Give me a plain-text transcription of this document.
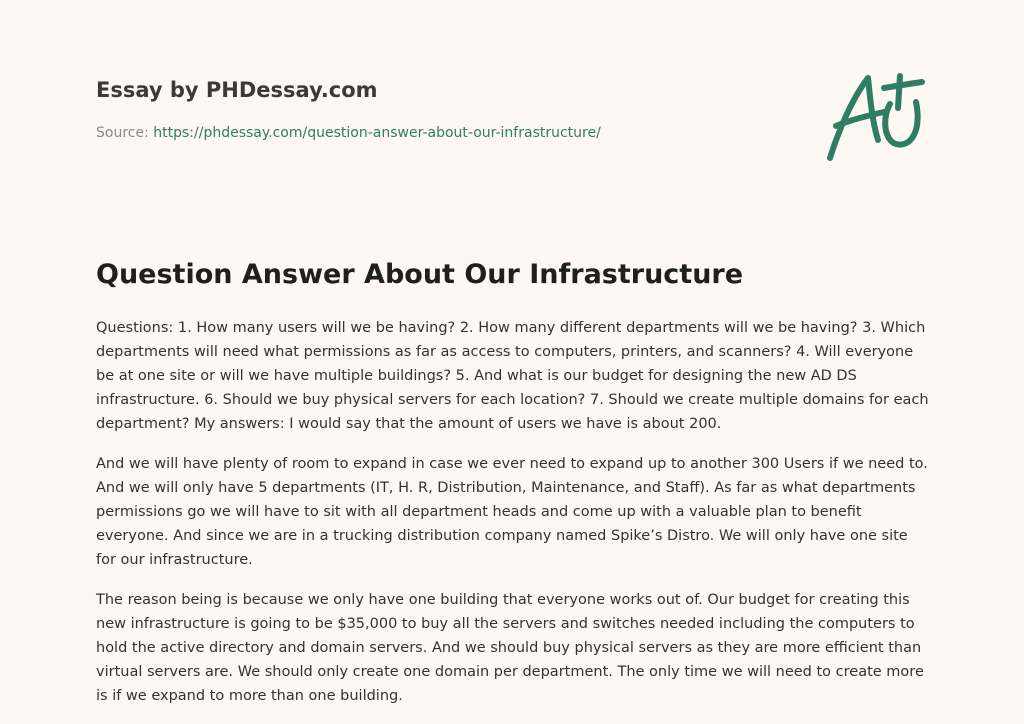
Essay by PHDessay.com
Source: https://phdessay.com/question-answer-about-our-infrastructure/
Question Answer About Our Infrastructure

Questions: 1. How many users will we be having? 2. How many different departments will we be having? 3. Which departments will need what permissions as far as access to computers, printers, and scanners? 4. Will everyone be at one site or will we have multiple buildings? 5. And what is our budget for designing the new AD DS infrastructure. 6. Should we buy physical servers for each location? 7. Should we create multiple domains for each department? My answers: I would say that the amount of users we have is about 200.

And we will have plenty of room to expand in case we ever need to expand up to another 300 Users if we need to. And we will only have 5 departments (IT, H. R, Distribution, Maintenance, and Staff). As far as what departments permissions go we will have to sit with all department heads and come up with a valuable plan to benefit everyone. And since we are in a trucking distribution company named Spike’s Distro. We will only have one site for our infrastructure.

The reason being is because we only have one building that everyone works out of. Our budget for creating this new infrastructure is going to be $35,000 to buy all the servers and switches needed including the computers to hold the active directory and domain servers. And we should buy physical servers as they are more efficient than virtual servers are. We should only create one domain per department. The only time we will need to create more is if we expand to more than one building.
